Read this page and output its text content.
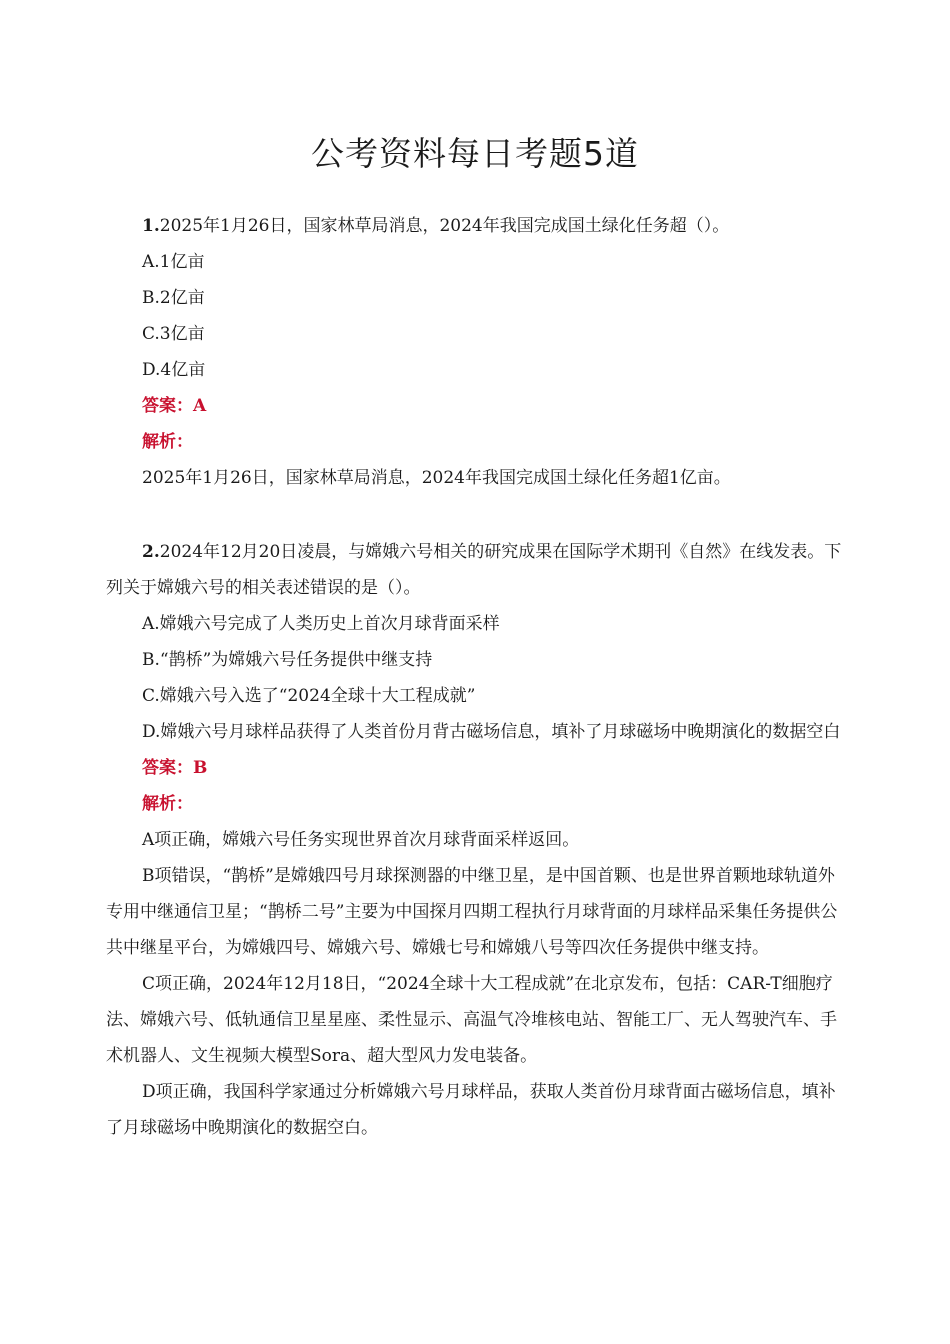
公考资料每日考题5道

1.2025年1月26日，国家林草局消息，2024年我国完成国土绿化任务超（）。

A.1亿亩

B.2亿亩

C.3亿亩

D.4亿亩

答案：A

解析：

2025年1月26日，国家林草局消息，2024年我国完成国土绿化任务超1亿亩。

2.2024年12月20日凌晨，与嫦娥六号相关的研究成果在国际学术期刊《自然》在线发表。下列关于嫦娥六号的相关表述错误的是（）。

A.嫦娥六号完成了人类历史上首次月球背面采样

B.“鹊桥”为嫦娥六号任务提供中继支持

C.嫦娥六号入选了“2024全球十大工程成就”

D.嫦娥六号月球样品获得了人类首份月背古磁场信息，填补了月球磁场中晚期演化的数据空白

答案：B

解析：

A项正确，嫦娥六号任务实现世界首次月球背面采样返回。

B项错误，“鹊桥”是嫦娥四号月球探测器的中继卫星，是中国首颗、也是世界首颗地球轨道外专用中继通信卫星；“鹊桥二号”主要为中国探月四期工程执行月球背面的月球样品采集任务提供公共中继星平台，为嫦娥四号、嫦娥六号、嫦娥七号和嫦娥八号等四次任务提供中继支持。

C项正确，2024年12月18日，“2024全球十大工程成就”在北京发布，包括：CAR-T细胞疗法、嫦娥六号、低轨通信卫星星座、柔性显示、高温气冷堆核电站、智能工厂、无人驾驶汽车、手术机器人、文生视频大模型Sora、超大型风力发电装备。

D项正确，我国科学家通过分析嫦娥六号月球样品，获取人类首份月球背面古磁场信息，填补了月球磁场中晚期演化的数据空白。
